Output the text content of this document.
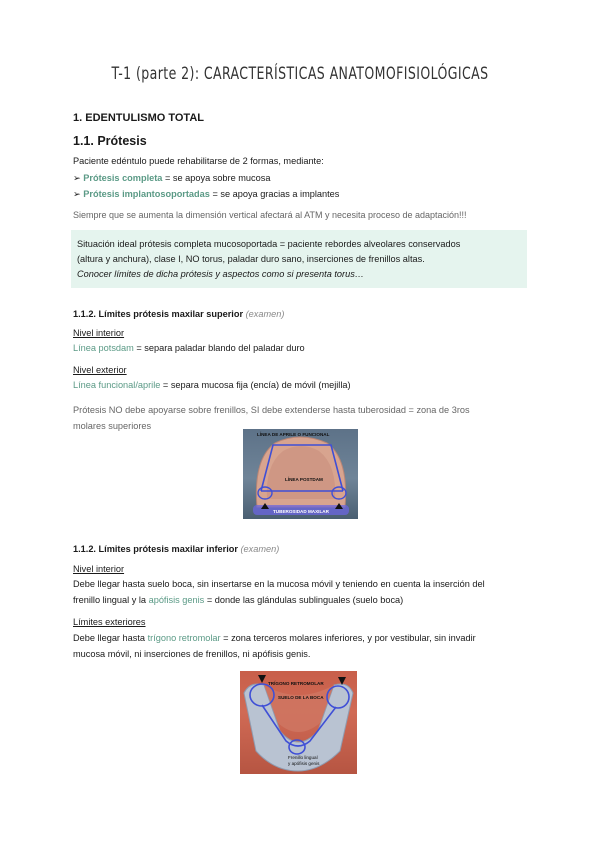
T-1 (parte 2): CARACTERÍSTICAS ANATOMOFISIOLÓGICAS
1. EDENTULISMO TOTAL
1.1. Prótesis
Paciente edéntulo puede rehabilitarse de 2 formas, mediante:
➢ Prótesis completa = se apoya sobre mucosa
➢ Prótesis implantosoportadas = se apoya gracias a implantes
Siempre que se aumenta la dimensión vertical afectará al ATM y necesita proceso de adaptación!!!
Situación ideal prótesis completa mucosoportada = paciente rebordes alveolares conservados
(altura y anchura), clase I, NO torus, paladar duro sano, inserciones de frenillos altas.
Conocer límites de dicha prótesis y aspectos como si presenta torus…
1.1.2. Límites prótesis maxilar superior (examen)
Nivel interior
Línea potsdam = separa paladar blando del paladar duro
Nivel exterior
Línea funcional/aprile = separa mucosa fija (encía) de móvil (mejilla)
Prótesis NO debe apoyarse sobre frenillos, SI debe extenderse hasta tuberosidad = zona de 3ros
molares superiores
LÍNEA DE APRILE O FUNCIONAL
LÍNEA POSTDAM
TUBEROSIDAD MAXILAR
1.1.2. Límites prótesis maxilar inferior (examen)
Nivel interior
Debe llegar hasta suelo boca, sin insertarse en la mucosa móvil y teniendo en cuenta la inserción del
frenillo lingual y la apófisis genis = donde las glándulas sublinguales (suelo boca)
Límites exteriores
Debe llegar hasta trígono retromolar = zona terceros molares inferiores, y por vestibular, sin invadir
mucosa móvil, ni inserciones de frenillos, ni apófisis genis.
TRÍGONO RETROMOLAR
SUELO DE LA BOCA
Frenillo lingual
y apófisis genis
